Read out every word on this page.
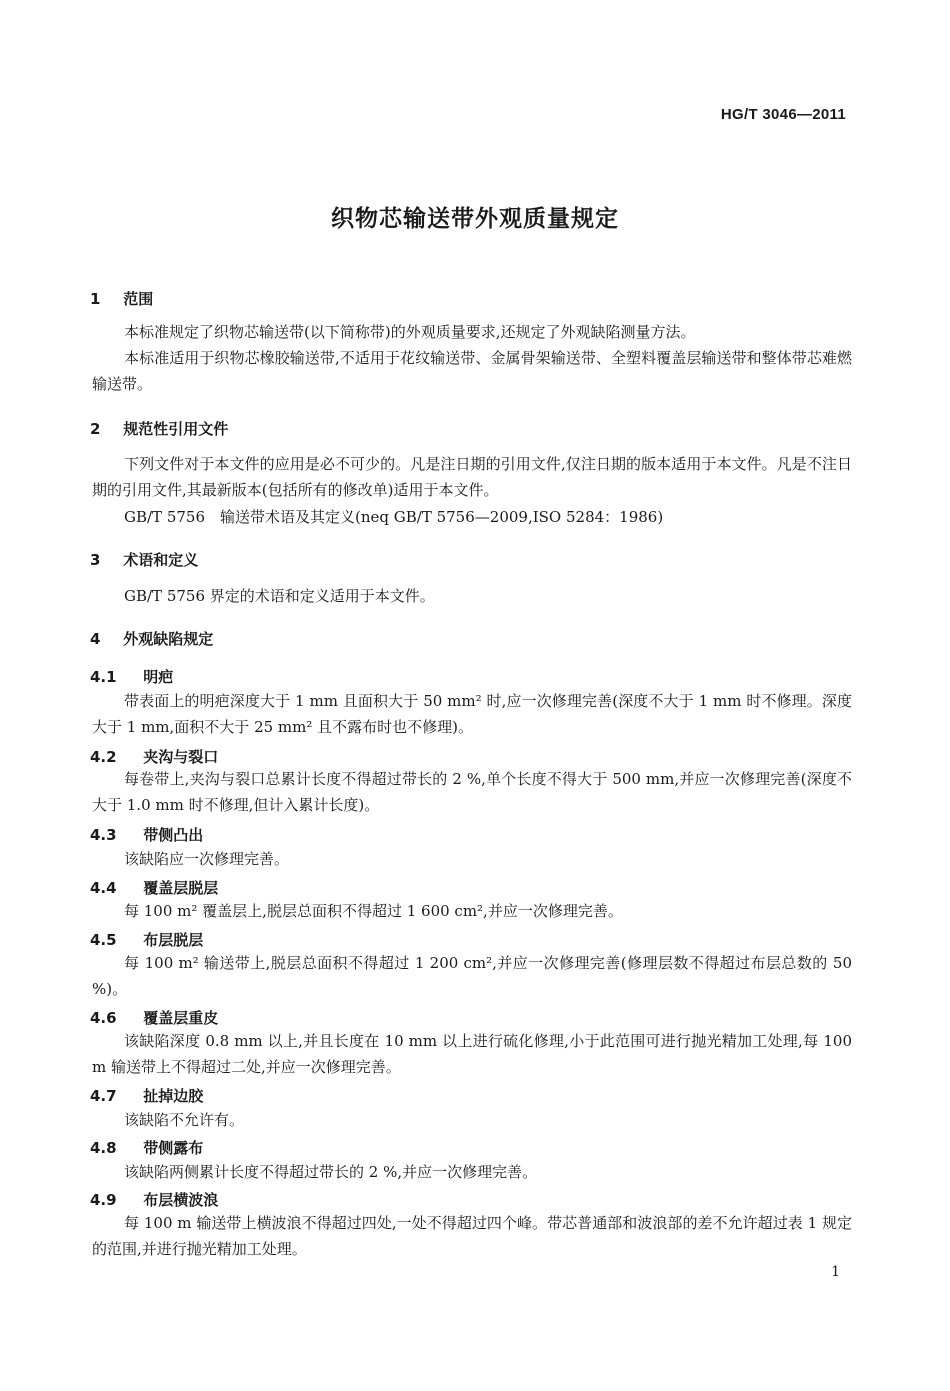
HG/T 3046—2011
织物芯输送带外观质量规定
1 范围
本标准规定了织物芯输送带(以下简称带)的外观质量要求,还规定了外观缺陷测量方法。
本标准适用于织物芯橡胶输送带,不适用于花纹输送带、金属骨架输送带、全塑料覆盖层输送带和整体带芯难燃输送带。
2 规范性引用文件
下列文件对于本文件的应用是必不可少的。凡是注日期的引用文件,仅注日期的版本适用于本文件。凡是不注日期的引用文件,其最新版本(包括所有的修改单)适用于本文件。
GB/T 5756　输送带术语及其定义(neq GB/T 5756—2009,ISO 5284：1986)
3 术语和定义
GB/T 5756 界定的术语和定义适用于本文件。
4 外观缺陷规定
4.1 明疤
带表面上的明疤深度大于 1 mm 且面积大于 50 mm² 时,应一次修理完善(深度不大于 1 mm 时不修理。深度大于 1 mm,面积不大于 25 mm² 且不露布时也不修理)。
4.2 夹沟与裂口
每卷带上,夹沟与裂口总累计长度不得超过带长的 2 %,单个长度不得大于 500 mm,并应一次修理完善(深度不大于 1.0 mm 时不修理,但计入累计长度)。
4.3 带侧凸出
该缺陷应一次修理完善。
4.4 覆盖层脱层
每 100 m² 覆盖层上,脱层总面积不得超过 1 600 cm²,并应一次修理完善。
4.5 布层脱层
每 100 m² 输送带上,脱层总面积不得超过 1 200 cm²,并应一次修理完善(修理层数不得超过布层总数的 50 %)。
4.6 覆盖层重皮
该缺陷深度 0.8 mm 以上,并且长度在 10 mm 以上进行硫化修理,小于此范围可进行抛光精加工处理,每 100 m 输送带上不得超过二处,并应一次修理完善。
4.7 扯掉边胶
该缺陷不允许有。
4.8 带侧露布
该缺陷两侧累计长度不得超过带长的 2 %,并应一次修理完善。
4.9 布层横波浪
每 100 m 输送带上横波浪不得超过四处,一处不得超过四个峰。带芯普通部和波浪部的差不允许超过表 1 规定的范围,并进行抛光精加工处理。
1
